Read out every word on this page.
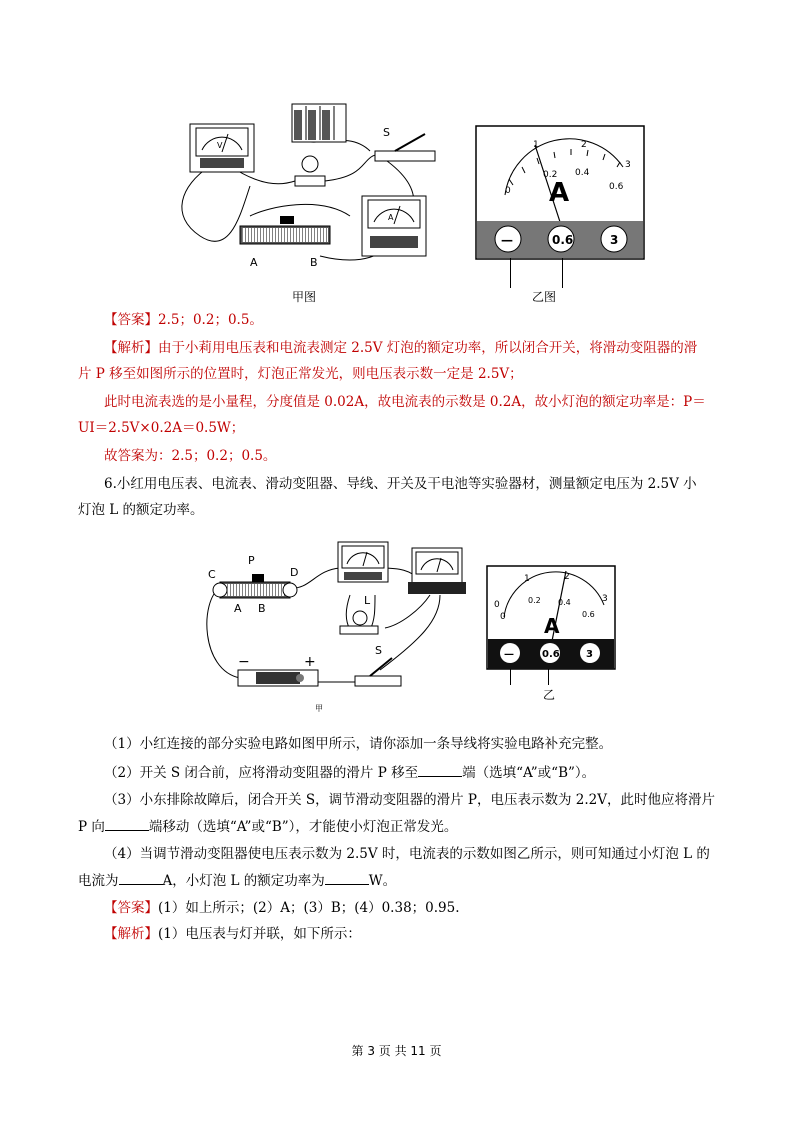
V
S
A	B
A
1	2
3
0
0.2 0.4
0.6
A
—	0.6	3
甲图	乙图
【答案】2.5；0.2；0.5。
【解析】由于小莉用电压表和电流表测定 2.5V 灯泡的额定功率，所以闭合开关，将滑动变阻器的滑
片 P 移至如图所示的位置时，灯泡正常发光，则电压表示数一定是 2.5V；
此时电流表选的是小量程，分度值是 0.02A，故电流表的示数是 0.2A，故小灯泡的额定功率是：P＝
UI＝2.5V×0.2A＝0.5W；
故答案为：2.5；0.2；0.5。
6.小红用电压表、电流表、滑动变阻器、导线、开关及干电池等实验器材，测量额定电压为 2.5V 小
灯泡 L 的额定功率。
C
P
D
A B
L
−	+
S
0
1	2
3
0
0.2 0.4
0.6
A
—	0.6	3
甲
乙
（1）小红连接的部分实验电路如图甲所示，请你添加一条导线将实验电路补充完整。
（2）开关 S 闭合前，应将滑动变阻器的滑片 P 移至	端（选填“A”或“B”）。
（3）小东排除故障后，闭合开关 S，调节滑动变阻器的滑片 P，电压表示数为 2.2V，此时他应将滑片
P 向	端移动（选填“A”或“B”），才能使小灯泡正常发光。
（4）当调节滑动变阻器使电压表示数为 2.5V 时，电流表的示数如图乙所示，则可知通过小灯泡 L 的
电流为	A，小灯泡 L 的额定功率为	W。
【答案】(1）如上所示；(2）A；(3）B；(4）0.38；0.95.
【解析】(1）电压表与灯并联，如下所示：
第 3 页 共 11 页
